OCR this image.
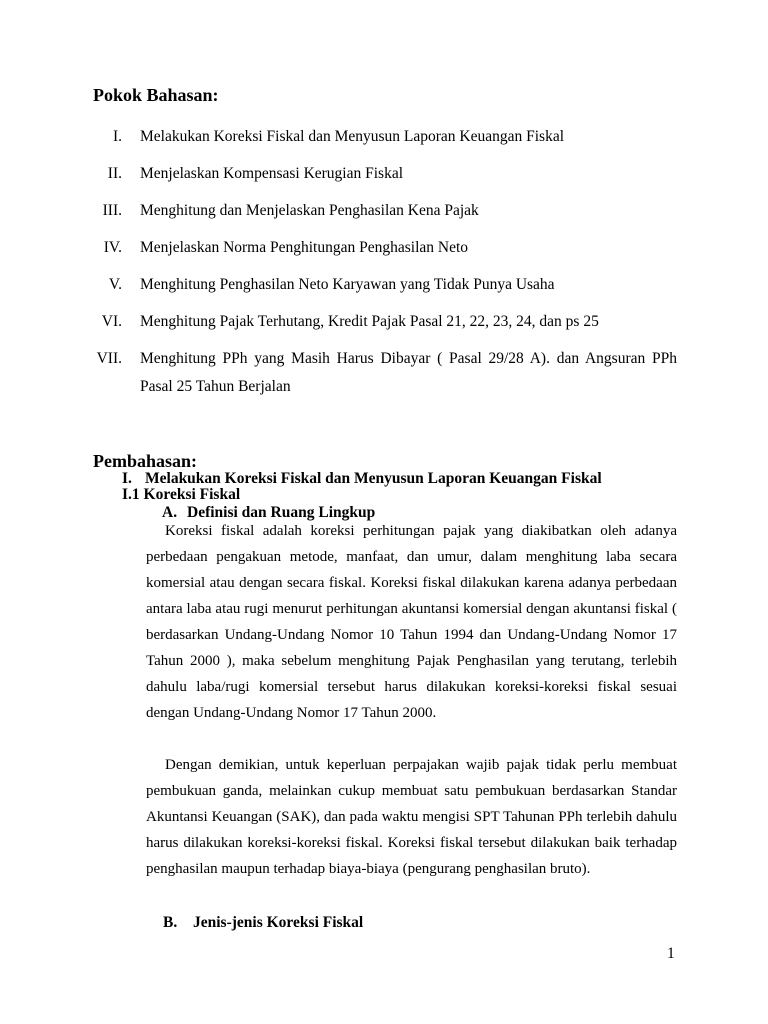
Pokok Bahasan:
I. Melakukan Koreksi Fiskal dan Menyusun Laporan Keuangan Fiskal
II. Menjelaskan Kompensasi Kerugian Fiskal
III. Menghitung dan Menjelaskan Penghasilan Kena Pajak
IV. Menjelaskan Norma Penghitungan Penghasilan Neto
V. Menghitung Penghasilan Neto Karyawan yang Tidak Punya Usaha
VI. Menghitung Pajak Terhutang, Kredit Pajak Pasal 21, 22, 23, 24, dan ps 25
VII. Menghitung PPh yang Masih Harus Dibayar ( Pasal 29/28 A). dan Angsuran PPh Pasal 25 Tahun Berjalan
Pembahasan:
I. Melakukan Koreksi Fiskal dan Menyusun Laporan Keuangan Fiskal
I.1 Koreksi Fiskal
A. Definisi dan Ruang Lingkup

Koreksi fiskal adalah koreksi perhitungan pajak yang diakibatkan oleh adanya perbedaan pengakuan metode, manfaat, dan umur, dalam menghitung laba secara komersial atau dengan secara fiskal. Koreksi fiskal dilakukan karena adanya perbedaan antara laba atau rugi menurut perhitungan akuntansi komersial dengan akuntansi fiskal ( berdasarkan Undang-Undang Nomor 10 Tahun 1994 dan Undang-Undang Nomor 17 Tahun 2000 ), maka sebelum menghitung Pajak Penghasilan yang terutang, terlebih dahulu laba/rugi komersial tersebut harus dilakukan koreksi-koreksi fiskal sesuai dengan Undang-Undang Nomor 17 Tahun 2000.

Dengan demikian, untuk keperluan perpajakan wajib pajak tidak perlu membuat pembukuan ganda, melainkan cukup membuat satu pembukuan berdasarkan Standar Akuntansi Keuangan (SAK), dan pada waktu mengisi SPT Tahunan PPh terlebih dahulu harus dilakukan koreksi-koreksi fiskal. Koreksi fiskal tersebut dilakukan baik terhadap penghasilan maupun terhadap biaya-biaya (pengurang penghasilan bruto).

B.	Jenis-jenis Koreksi Fiskal
1
